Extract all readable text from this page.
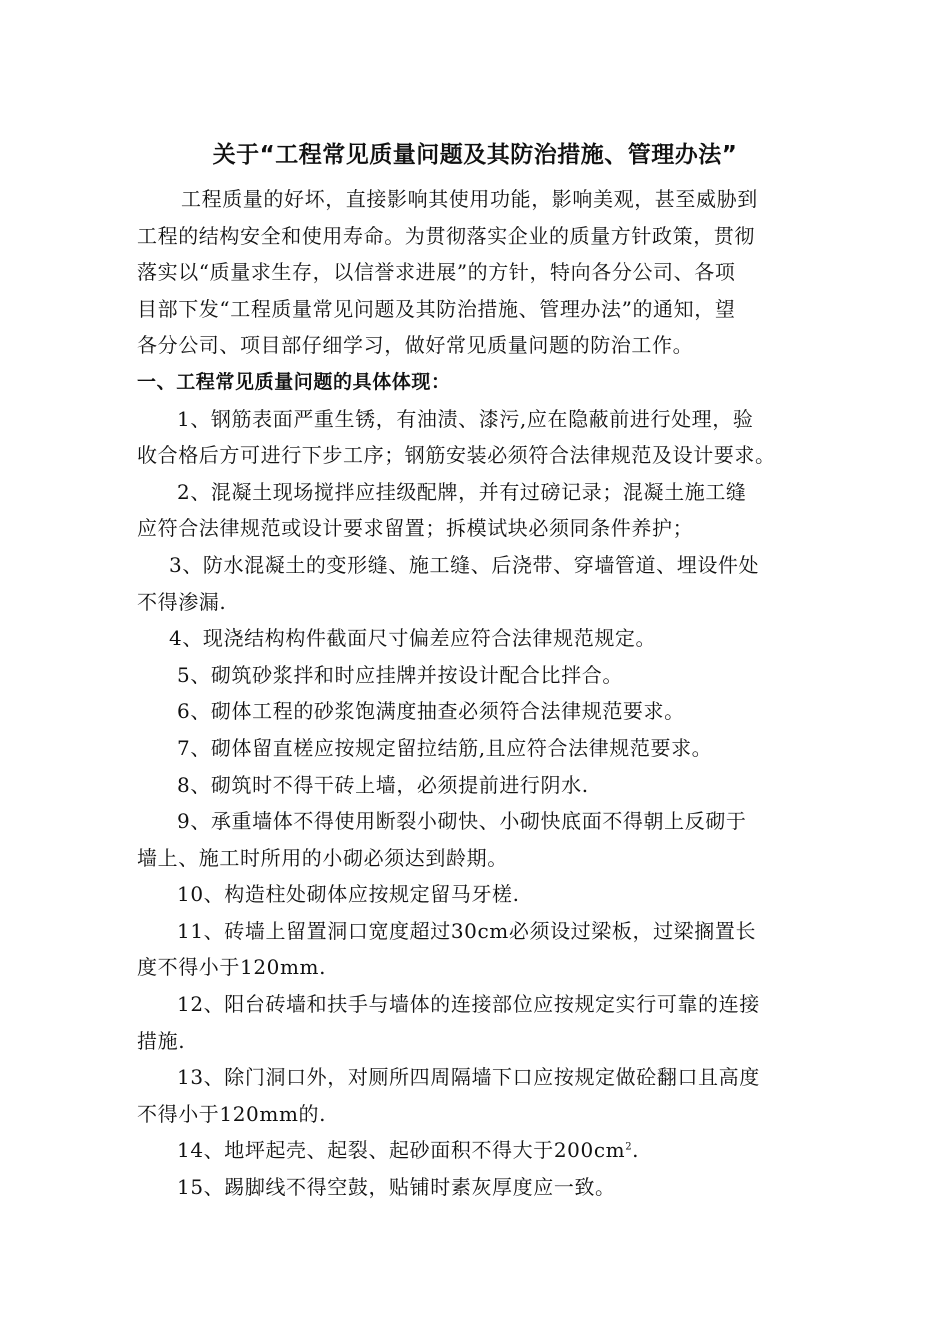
关于“工程常见质量问题及其防治措施、管理办法”
工程质量的好坏，直接影响其使用功能，影响美观，甚至威胁到
工程的结构安全和使用寿命。为贯彻落实企业的质量方针政策，贯彻
落实以“质量求生存，以信誉求进展”的方针，特向各分公司、各项
目部下发“工程质量常见问题及其防治措施、管理办法”的通知，望
各分公司、项目部仔细学习，做好常见质量问题的防治工作。
一、工程常见质量问题的具体体现：
1、钢筋表面严重生锈，有油渍、漆污,应在隐蔽前进行处理，验
收合格后方可进行下步工序；钢筋安装必须符合法律规范及设计要求。
2、混凝土现场搅拌应挂级配牌，并有过磅记录；混凝土施工缝
应符合法律规范或设计要求留置；拆模试块必须同条件养护；
3、防水混凝土的变形缝、施工缝、后浇带、穿墙管道、埋设件处
不得渗漏.
4、现浇结构构件截面尺寸偏差应符合法律规范规定。
5、砌筑砂浆拌和时应挂牌并按设计配合比拌合。
6、砌体工程的砂浆饱满度抽查必须符合法律规范要求。
7、砌体留直槎应按规定留拉结筋,且应符合法律规范要求。
8、砌筑时不得干砖上墙，必须提前进行阴水.
9、承重墙体不得使用断裂小砌快、小砌快底面不得朝上反砌于
墙上、施工时所用的小砌必须达到龄期。
10、构造柱处砌体应按规定留马牙槎.
11、砖墙上留置洞口宽度超过30cm必须设过梁板，过梁搁置长
度不得小于120mm.
12、阳台砖墙和扶手与墙体的连接部位应按规定实行可靠的连接
措施.
13、除门洞口外，对厕所四周隔墙下口应按规定做砼翻口且高度
不得小于120mm的.
14、地坪起壳、起裂、起砂面积不得大于$200cm^2$.
15、踢脚线不得空鼓，贴铺时素灰厚度应一致。
